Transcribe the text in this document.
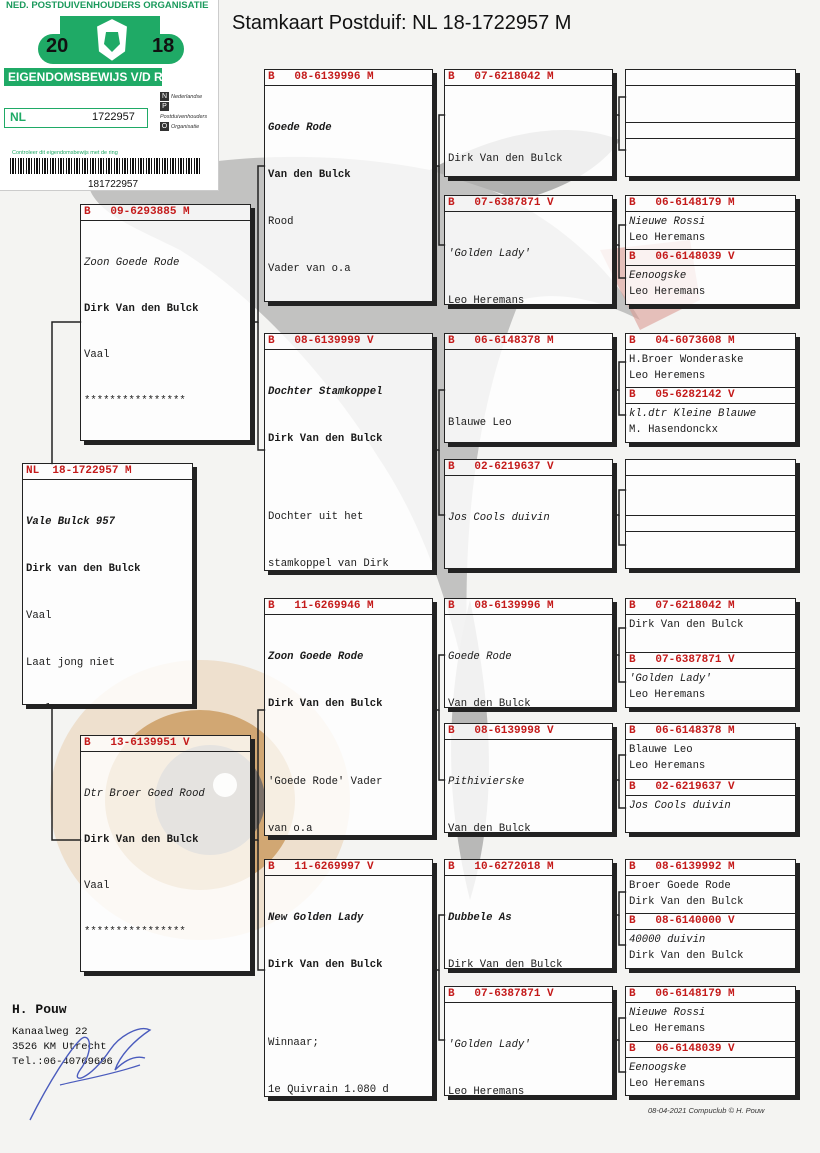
NED. POSTDUIVENHOUDERS ORGANISATIE
20	18
EIGENDOMSBEWIJS V/D RING
N Nederlandse
PPostduivenhouders
O Organisatie
NL	1722957
Controleer dit eigendomsbewijs met de ring
181722957
Stamkaart Postduif: NL 18-1722957 M
NL  18-1722957 M

Vale Bulck 957

Dirk van den Bulck

Vaal

Laat jong niet

B   09-6293885 M

Zoon Goede Rode

Dirk Van den Bulck

Vaal

****************

B   13-6139951 V

Dtr Broer Goed Rood

Dirk Van den Bulck

Vaal

****************

B   08-6139996 M

Goede Rode

Van den Bulck

Rood

Vader van o.a

B   08-6139999 V

Dochter Stamkoppel

Dirk Van den Bulck

Dochter uit het

stamkoppel van Dirk

B   11-6269946 M

Zoon Goede Rode

Dirk Van den Bulck

'Goede Rode' Vader

van o.a

B   11-6269997 V

New Golden Lady

Dirk Van den Bulck

Winnaar;

1e Quivrain 1.080 d

B   07-6218042 M

Dirk Van den Bulck

B   07-6387871 V

'Golden Lady'

Leo Heremans

B   06-6148378 M

Blauwe Leo

B   02-6219637 V

Jos Cools duivin

B   08-6139996 M

Goede Rode

Van den Bulck

B   08-6139998 V

Pithivierske

Van den Bulck

B   10-6272018 M

Dubbele As

Dirk Van den Bulck

B   07-6387871 V

'Golden Lady'

Leo Heremans

B   06-6148179 M
Nieuwe Rossi
Leo Heremans
B   06-6148039 V
Eenoogske
Leo Heremans
B   04-6073608 M
H.Broer Wonderaske
Leo Heremens
B   05-6282142 V
kl.dtr Kleine Blauwe
M. Hasendonckx
B   07-6218042 M
Dirk Van den Bulck
B   07-6387871 V
'Golden Lady'
Leo Heremans
B   06-6148378 M
Blauwe Leo
Leo Heremans
B   02-6219637 V
Jos Cools duivin
B   08-6139992 M
Broer Goede Rode
Dirk Van den Bulck
B   08-6140000 V
40000 duivin
Dirk Van den Bulck
B   06-6148179 M
Nieuwe Rossi
Leo Heremans
B   06-6148039 V
Eenoogske
Leo Heremans
H. Pouw
Kanaalweg 22
3526 KM Utrecht
Tel.:06-40769696
08-04-2021 Compuclub © H. Pouw
